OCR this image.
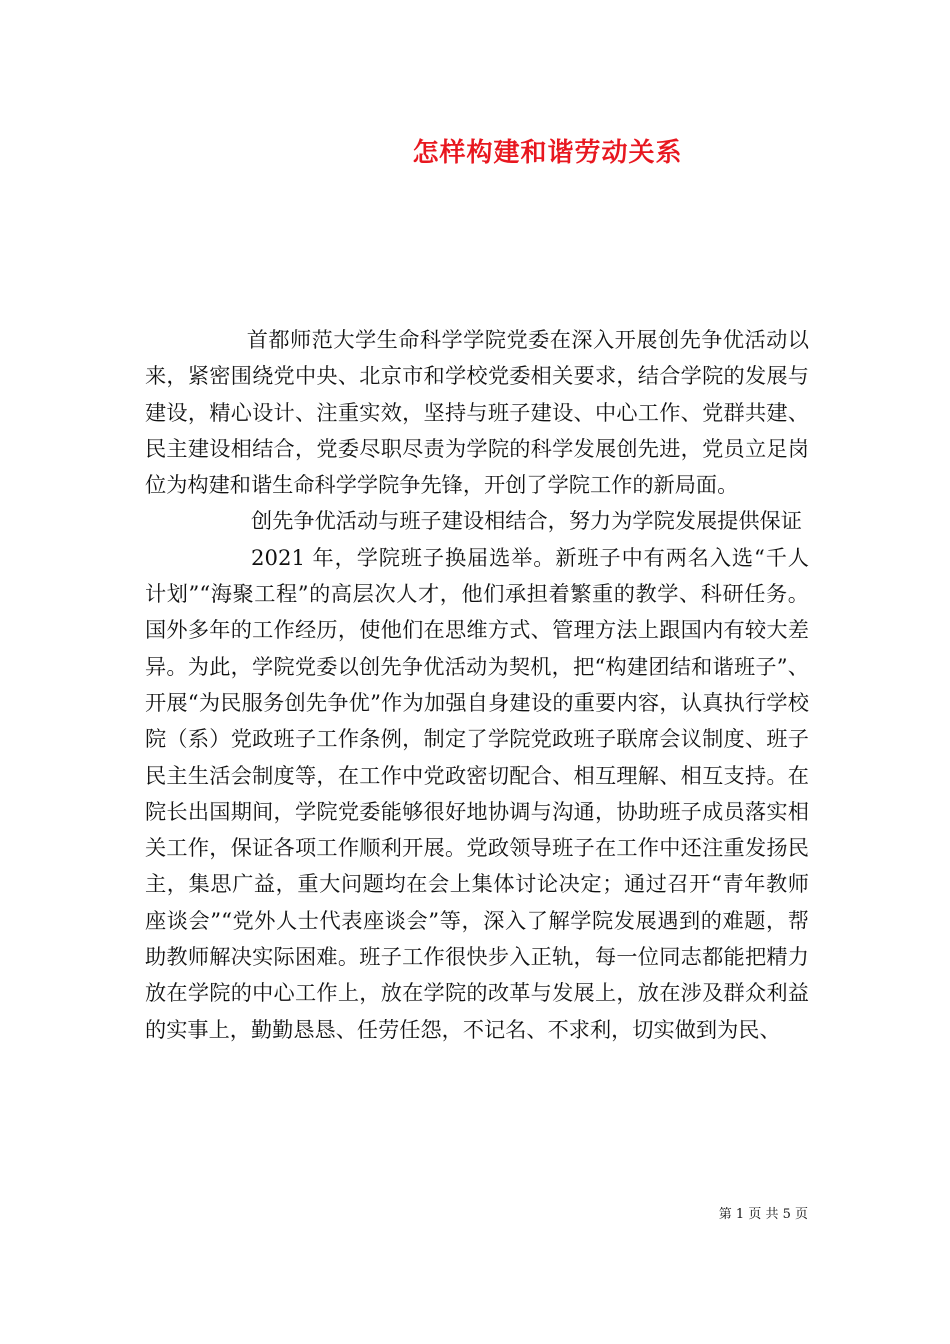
怎样构建和谐劳动关系

首都师范大学生命科学学院党委在深入开展创先争优活动以来，紧密围绕党中央、北京市和学校党委相关要求，结合学院的发展与建设，精心设计、注重实效，坚持与班子建设、中心工作、党群共建、民主建设相结合，党委尽职尽责为学院的科学发展创先进，党员立足岗位为构建和谐生命科学学院争先锋，开创了学院工作的新局面。

创先争优活动与班子建设相结合，努力为学院发展提供保证

2021 年，学院班子换届选举。新班子中有两名入选“千人计划”“海聚工程”的高层次人才，他们承担着繁重的教学、科研任务。国外多年的工作经历，使他们在思维方式、管理方法上跟国内有较大差异。为此，学院党委以创先争优活动为契机，把“构建团结和谐班子”、开展“为民服务创先争优”作为加强自身建设的重要内容，认真执行学校院（系）党政班子工作条例，制定了学院党政班子联席会议制度、班子民主生活会制度等，在工作中党政密切配合、相互理解、相互支持。在院长出国期间，学院党委能够很好地协调与沟通，协助班子成员落实相关工作，保证各项工作顺利开展。党政领导班子在工作中还注重发扬民主，集思广益，重大问题均在会上集体讨论决定；通过召开“青年教师座谈会”“党外人士代表座谈会”等，深入了解学院发展遇到的难题，帮助教师解决实际困难。班子工作很快步入正轨，每一位同志都能把精力放在学院的中心工作上，放在学院的改革与发展上，放在涉及群众利益的实事上，勤勤恳恳、任劳任怨，不记名、不求利，切实做到为民、

第 1 页 共 5 页
